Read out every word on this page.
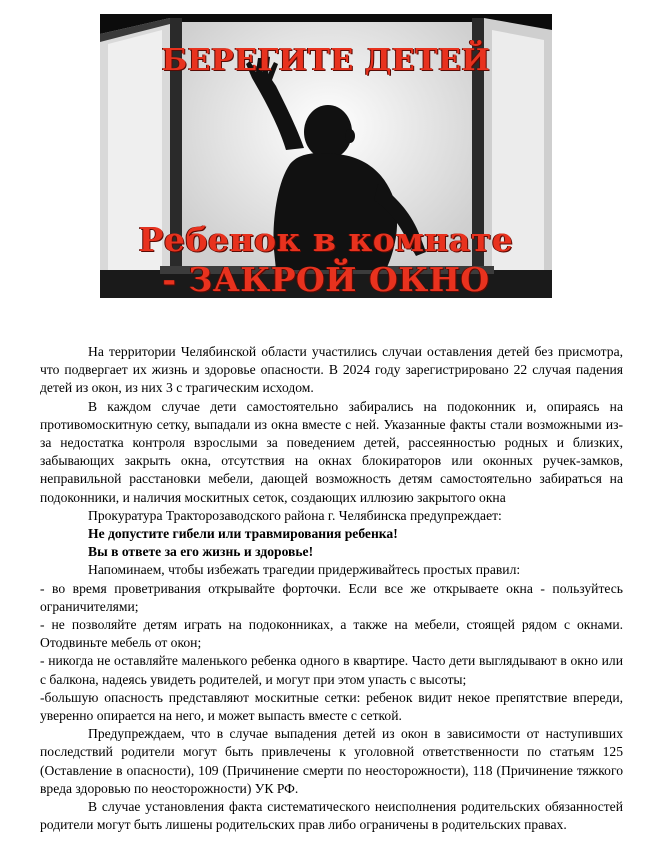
БЕРЕГИТЕ ДЕТЕЙ
Ребенок в комнате
- ЗАКРОЙ ОКНО

На территории Челябинской области участились случаи оставления детей без присмотра, что подвергает их жизнь и здоровье опасности. В 2024 году зарегистрировано 22 случая падения детей из окон, из них 3 с трагическим исходом.

В каждом случае дети самостоятельно забирались на подоконник и, опираясь на противомоскитную сетку, выпадали из окна вместе с ней. Указанные факты стали возможными из-за недостатка контроля взрослыми за поведением детей, рассеянностью родных и близких, забывающих закрыть окна, отсутствия на окнах блокираторов или оконных ручек-замков, неправильной расстановки мебели, дающей возможность детям самостоятельно забираться на подоконники, и наличия москитных сеток, создающих иллюзию закрытого окна

Прокуратура Тракторозаводского района г. Челябинска предупреждает:

Не допустите гибели или травмирования ребенка!

Вы в ответе за его жизнь и здоровье!

Напоминаем, чтобы избежать трагедии придерживайтесь простых правил:

- во время проветривания открывайте форточки. Если все же открываете окна - пользуйтесь ограничителями;

- не позволяйте детям играть на подоконниках, а также на мебели, стоящей рядом с окнами. Отодвиньте мебель от окон;

- никогда не оставляйте маленького ребенка одного в квартире. Часто дети выглядывают в окно или с балкона, надеясь увидеть родителей, и могут при этом упасть с высоты;

-большую опасность представляют москитные сетки: ребенок видит некое препятствие впереди, уверенно опирается на него, и может выпасть вместе с сеткой.

Предупреждаем, что в случае выпадения детей из окон в зависимости от наступивших последствий родители могут быть привлечены к уголовной ответственности по статьям 125 (Оставление в опасности), 109 (Причинение смерти по неосторожности), 118 (Причинение тяжкого вреда здоровью по неосторожности) УК РФ.

В случае установления факта систематического неисполнения родительских обязанностей родители могут быть лишены родительских прав либо ограничены в родительских правах.
